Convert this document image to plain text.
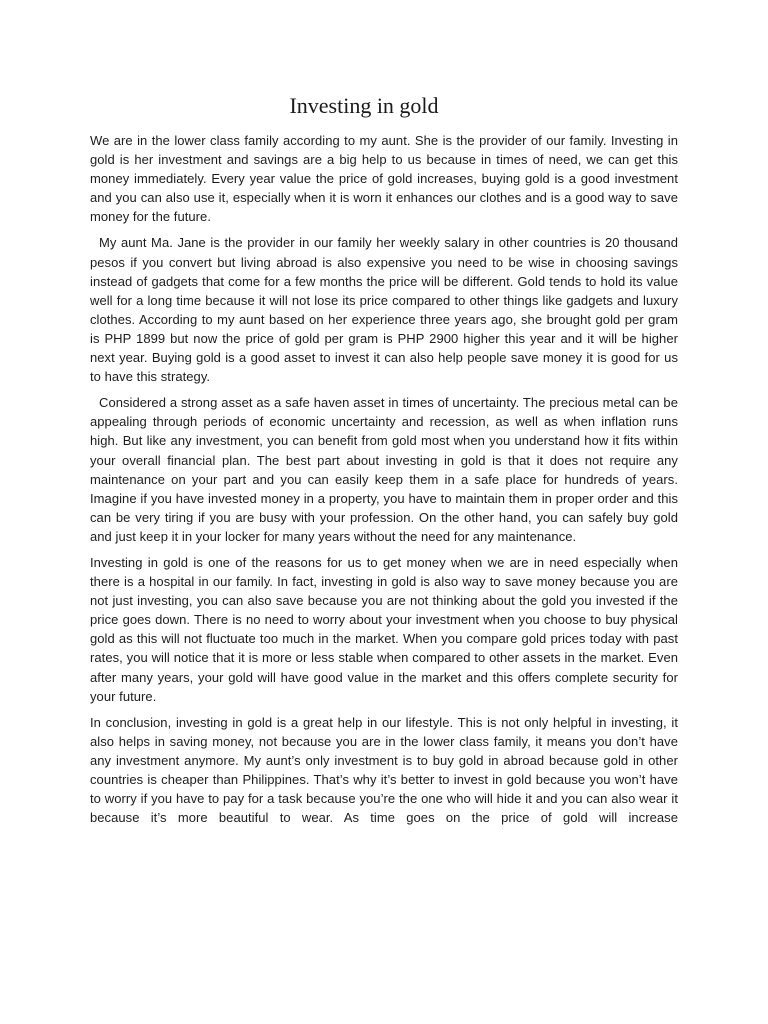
Investing in gold

We are in the lower class family according to my aunt. She is the provider of our family. Investing in gold is her investment and savings are a big help to us because in times of need, we can get this money immediately. Every year value the price of gold increases, buying gold is a good investment and you can also use it, especially when it is worn it enhances our clothes and is a good way to save money for the future.

My aunt Ma. Jane is the provider in our family her weekly salary in other countries is 20 thousand pesos if you convert but living abroad is also expensive you need to be wise in choosing savings instead of gadgets that come for a few months the price will be different. Gold tends to hold its value well for a long time because it will not lose its price compared to other things like gadgets and luxury clothes. According to my aunt based on her experience three years ago, she brought gold per gram is PHP 1899 but now the price of gold per gram is PHP 2900 higher this year and it will be higher next year. Buying gold is a good asset to invest it can also help people save money it is good for us to have this strategy.

Considered a strong asset as a safe haven asset in times of uncertainty. The precious metal can be appealing through periods of economic uncertainty and recession, as well as when inflation runs high. But like any investment, you can benefit from gold most when you understand how it fits within your overall financial plan. The best part about investing in gold is that it does not require any maintenance on your part and you can easily keep them in a safe place for hundreds of years. Imagine if you have invested money in a property, you have to maintain them in proper order and this can be very tiring if you are busy with your profession. On the other hand, you can safely buy gold and just keep it in your locker for many years without the need for any maintenance.

Investing in gold is one of the reasons for us to get money when we are in need especially when there is a hospital in our family. In fact, investing in gold is also way to save money because you are not just investing, you can also save because you are not thinking about the gold you invested if the price goes down. There is no need to worry about your investment when you choose to buy physical gold as this will not fluctuate too much in the market. When you compare gold prices today with past rates, you will notice that it is more or less stable when compared to other assets in the market. Even after many years, your gold will have good value in the market and this offers complete security for your future.

In conclusion, investing in gold is a great help in our lifestyle. This is not only helpful in investing, it also helps in saving money, not because you are in the lower class family, it means you don’t have any investment anymore. My aunt’s only investment is to buy gold in abroad because gold in other countries is cheaper than Philippines. That’s why it’s better to invest in gold because you won’t have to worry if you have to pay for a task because you’re the one who will hide it and you can also wear it because it’s more beautiful to wear. As time goes on the price of gold will increase
